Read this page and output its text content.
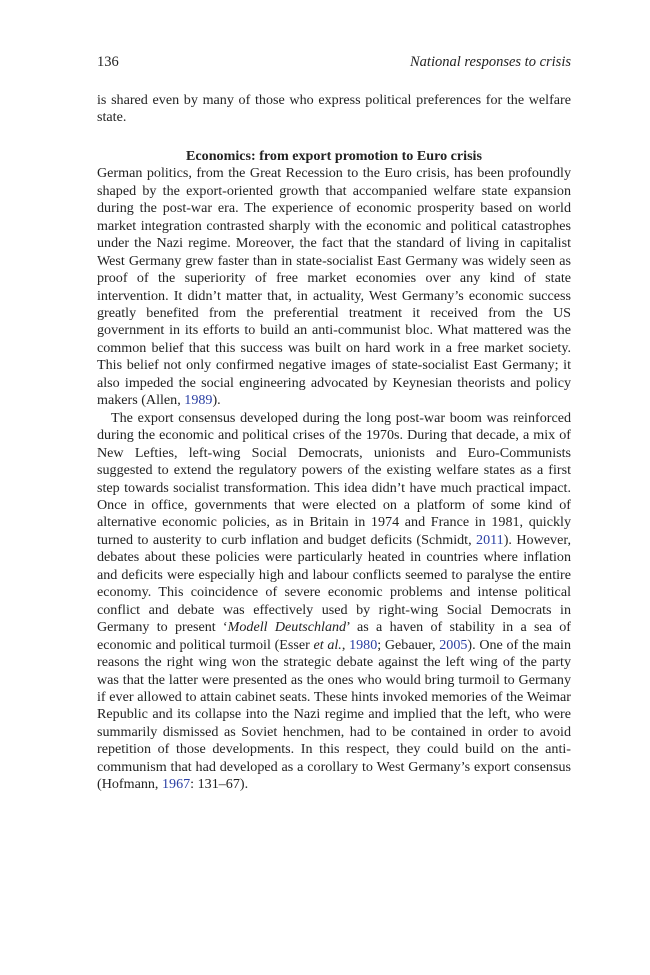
136	National responses to crisis

is shared even by many of those who express political preferences for the welfare state.

Economics: from export promotion to Euro crisis

German politics, from the Great Recession to the Euro crisis, has been profoundly shaped by the export-oriented growth that accompanied welfare state expansion during the post-war era. The experience of economic prosperity based on world market integration contrasted sharply with the economic and political catastrophes under the Nazi regime. Moreover, the fact that the standard of living in capitalist West Germany grew faster than in state-socialist East Germany was widely seen as proof of the superiority of free market economies over any kind of state intervention. It didn’t matter that, in actuality, West Germany’s economic success greatly benefited from the preferential treatment it received from the US government in its efforts to build an anti-communist bloc. What mattered was the common belief that this success was built on hard work in a free market society. This belief not only confirmed negative images of state-socialist East Germany; it also impeded the social engineering advocated by Keynesian theorists and policy makers (Allen, 1989).

The export consensus developed during the long post-war boom was reinforced during the economic and political crises of the 1970s. During that decade, a mix of New Lefties, left-wing Social Democrats, unionists and Euro-Communists suggested to extend the regulatory powers of the existing welfare states as a first step towards socialist transformation. This idea didn’t have much practical impact. Once in office, governments that were elected on a platform of some kind of alternative economic policies, as in Britain in 1974 and France in 1981, quickly turned to austerity to curb inflation and budget deficits (Schmidt, 2011). However, debates about these policies were particularly heated in countries where inflation and deficits were especially high and labour conflicts seemed to paralyse the entire economy. This coincidence of severe economic problems and intense political conflict and debate was effectively used by right-wing Social Democrats in Germany to present ‘Modell Deutschland’ as a haven of stability in a sea of economic and political turmoil (Esser et al., 1980; Gebauer, 2005). One of the main reasons the right wing won the strategic debate against the left wing of the party was that the latter were presented as the ones who would bring turmoil to Germany if ever allowed to attain cabinet seats. These hints invoked memories of the Weimar Republic and its collapse into the Nazi regime and implied that the left, who were summarily dismissed as Soviet henchmen, had to be contained in order to avoid repetition of those developments. In this respect, they could build on the anti-communism that had developed as a corollary to West Germany’s export consensus (Hofmann, 1967: 131–67).
